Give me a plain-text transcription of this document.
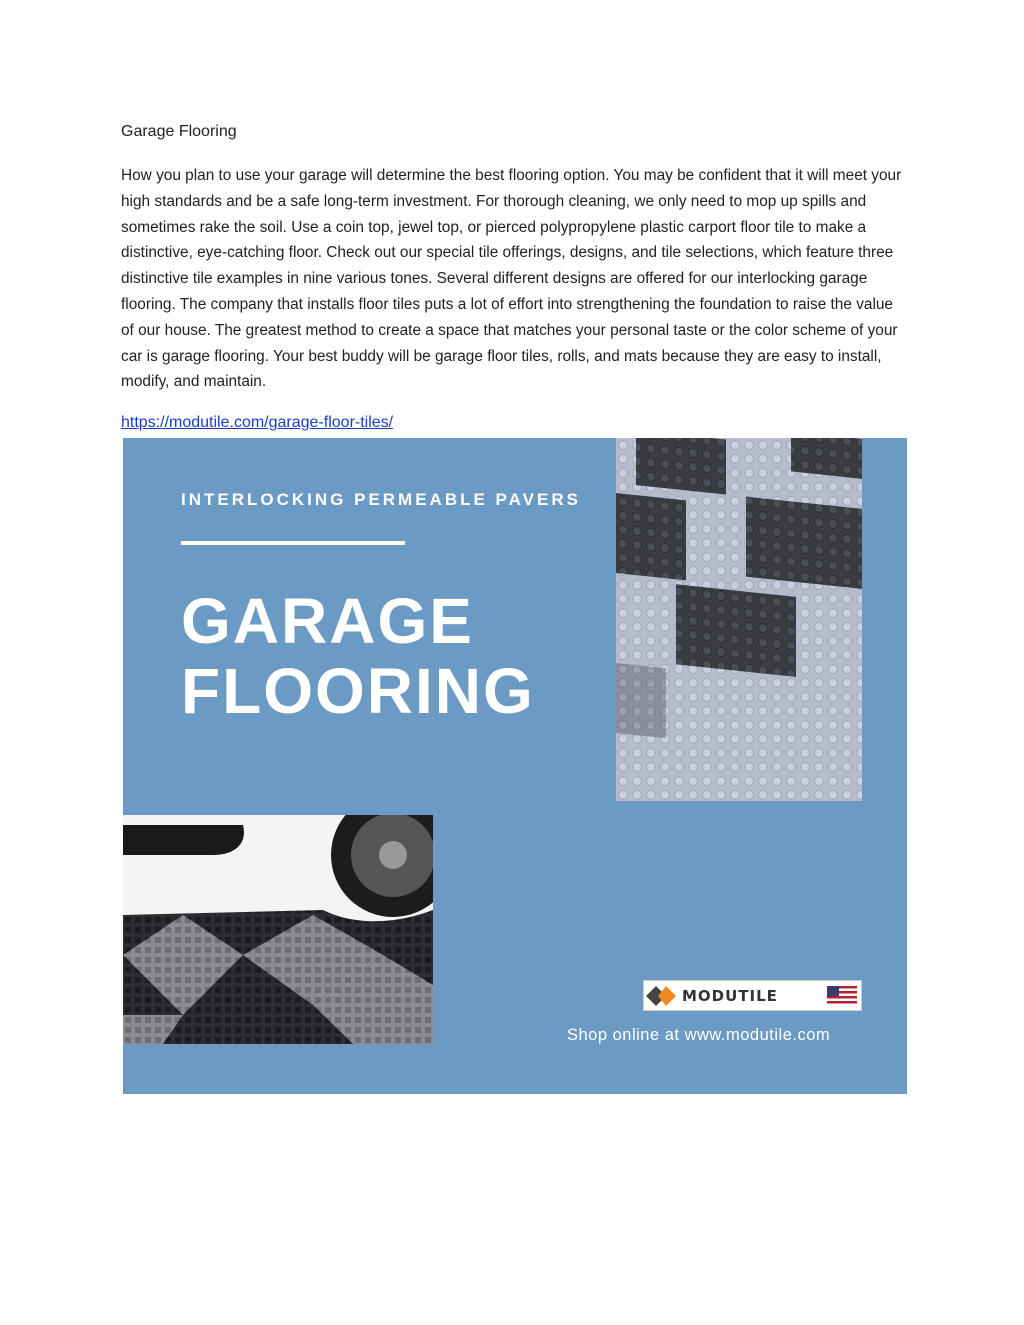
Garage Flooring

How you plan to use your garage will determine the best flooring option. You may be confident that it will meet your high standards and be a safe long-term investment. For thorough cleaning, we only need to mop up spills and sometimes rake the soil. Use a coin top, jewel top, or pierced polypropylene plastic carport floor tile to make a distinctive, eye-catching floor. Check out our special tile offerings, designs, and tile selections, which feature three distinctive tile examples in nine various tones. Several different designs are offered for our interlocking garage flooring. The company that installs floor tiles puts a lot of effort into strengthening the foundation to raise the value of our house. The greatest method to create a space that matches your personal taste or the color scheme of your car is garage flooring. Your best buddy will be garage floor tiles, rolls, and mats because they are easy to install, modify, and maintain.

https://modutile.com/garage-floor-tiles/
INTERLOCKING PERMEABLE PAVERS
GARAGE
FLOORING
MODUTILE
Shop online at www.modutile.com
